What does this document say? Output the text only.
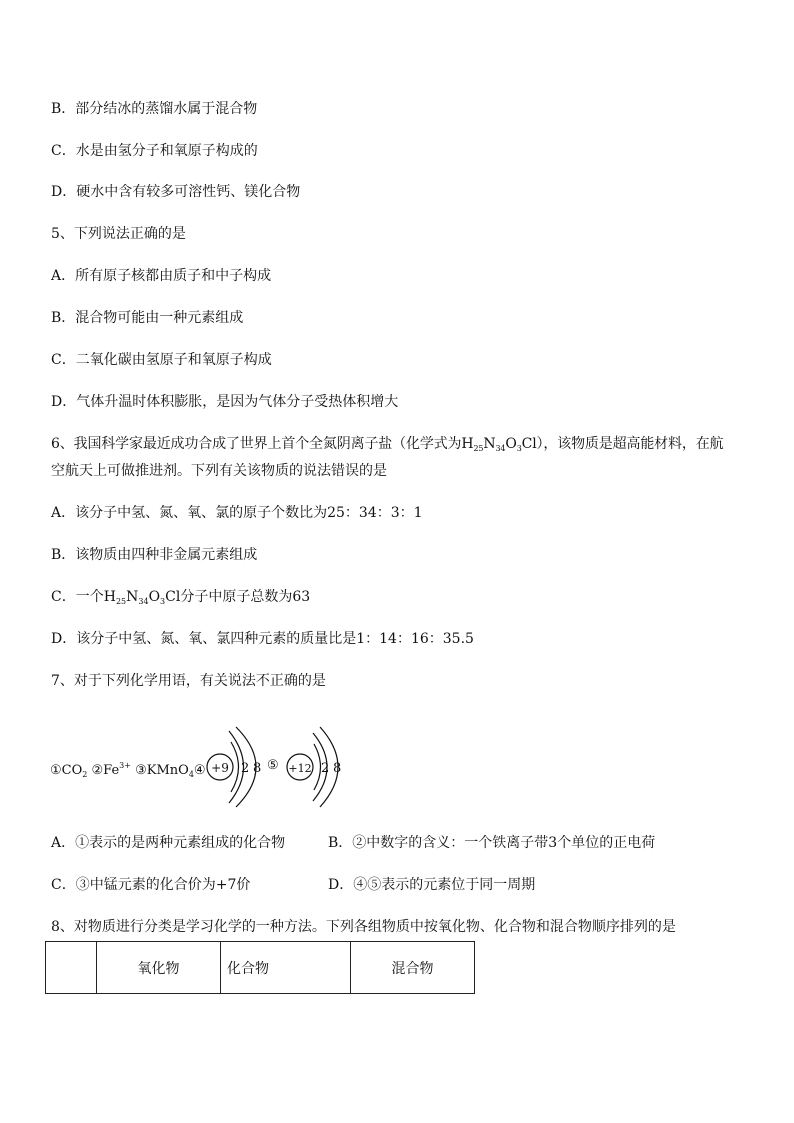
B．部分结冰的蒸馏水属于混合物
C．水是由氢分子和氧原子构成的
D．硬水中含有较多可溶性钙、镁化合物
5、下列说法正确的是
A．所有原子核都由质子和中子构成
B．混合物可能由一种元素组成
C．二氧化碳由氢原子和氧原子构成
D．气体升温时体积膨胀，是因为气体分子受热体积增大
6、我国科学家最近成功合成了世界上首个全氮阴离子盐（化学式为$H_{25}N_{34}O_3Cl$），该物质是超高能材料，在航
空航天上可做推进剂。下列有关该物质的说法错误的是
A．该分子中氢、氮、氧、氯的原子个数比为25：34：3：1
B．该物质由四种非金属元素组成
C．一个$H_{25}N_{34}O_3Cl$分子中原子总数为63
D．该分子中氢、氮、氧、氯四种元素的质量比是1：14：16：35.5
7、对于下列化学用语，有关说法不正确的是
+9 2 8 +12 2 8
$①CO_2$ $②Fe^{3+}$ ③KMnO$_4$④	⑤
A．①表示的是两种元素组成的化合物	B．②中数字的含义：一个铁离子带3个单位的正电荷
C．③中锰元素的化合价为+7价	D．④⑤表示的元素位于同一周期
8、对物质进行分类是学习化学的一种方法。下列各组物质中按氧化物、化合物和混合物顺序排列的是
	氧化物	化合物	混合物
